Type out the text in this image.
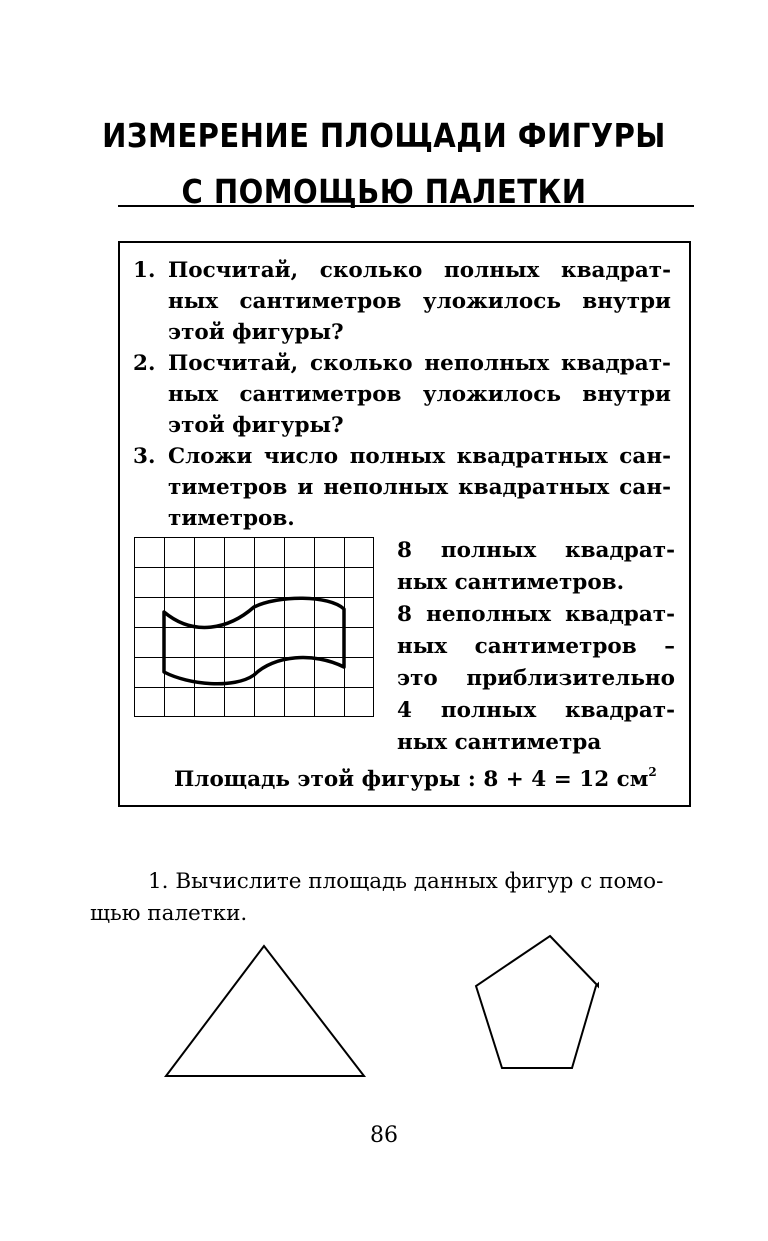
ИЗМЕРЕНИЕ ПЛОЩАДИ ФИГУРЫ
С ПОМОЩЬЮ ПАЛЕТКИ
1. Посчитай, сколько полных квадрат-
ных сантиметров уложилось внутри
этой фигуры?
2. Посчитай, сколько неполных квадрат-
ных сантиметров уложилось внутри
этой фигуры?
3. Сложи число полных квадратных сан-
тиметров и неполных квадратных сан-
тиметров.
8 полных квадрат-
ных сантиметров.
8 неполных квадрат-
ных сантиметров –
это приблизительно
4 полных квадрат-
ных сантиметра
Площадь этой фигуры : 8 + 4 = 12 $см^2$
1. Вычислите площадь данных фигур с помо-
щью палетки.
86
